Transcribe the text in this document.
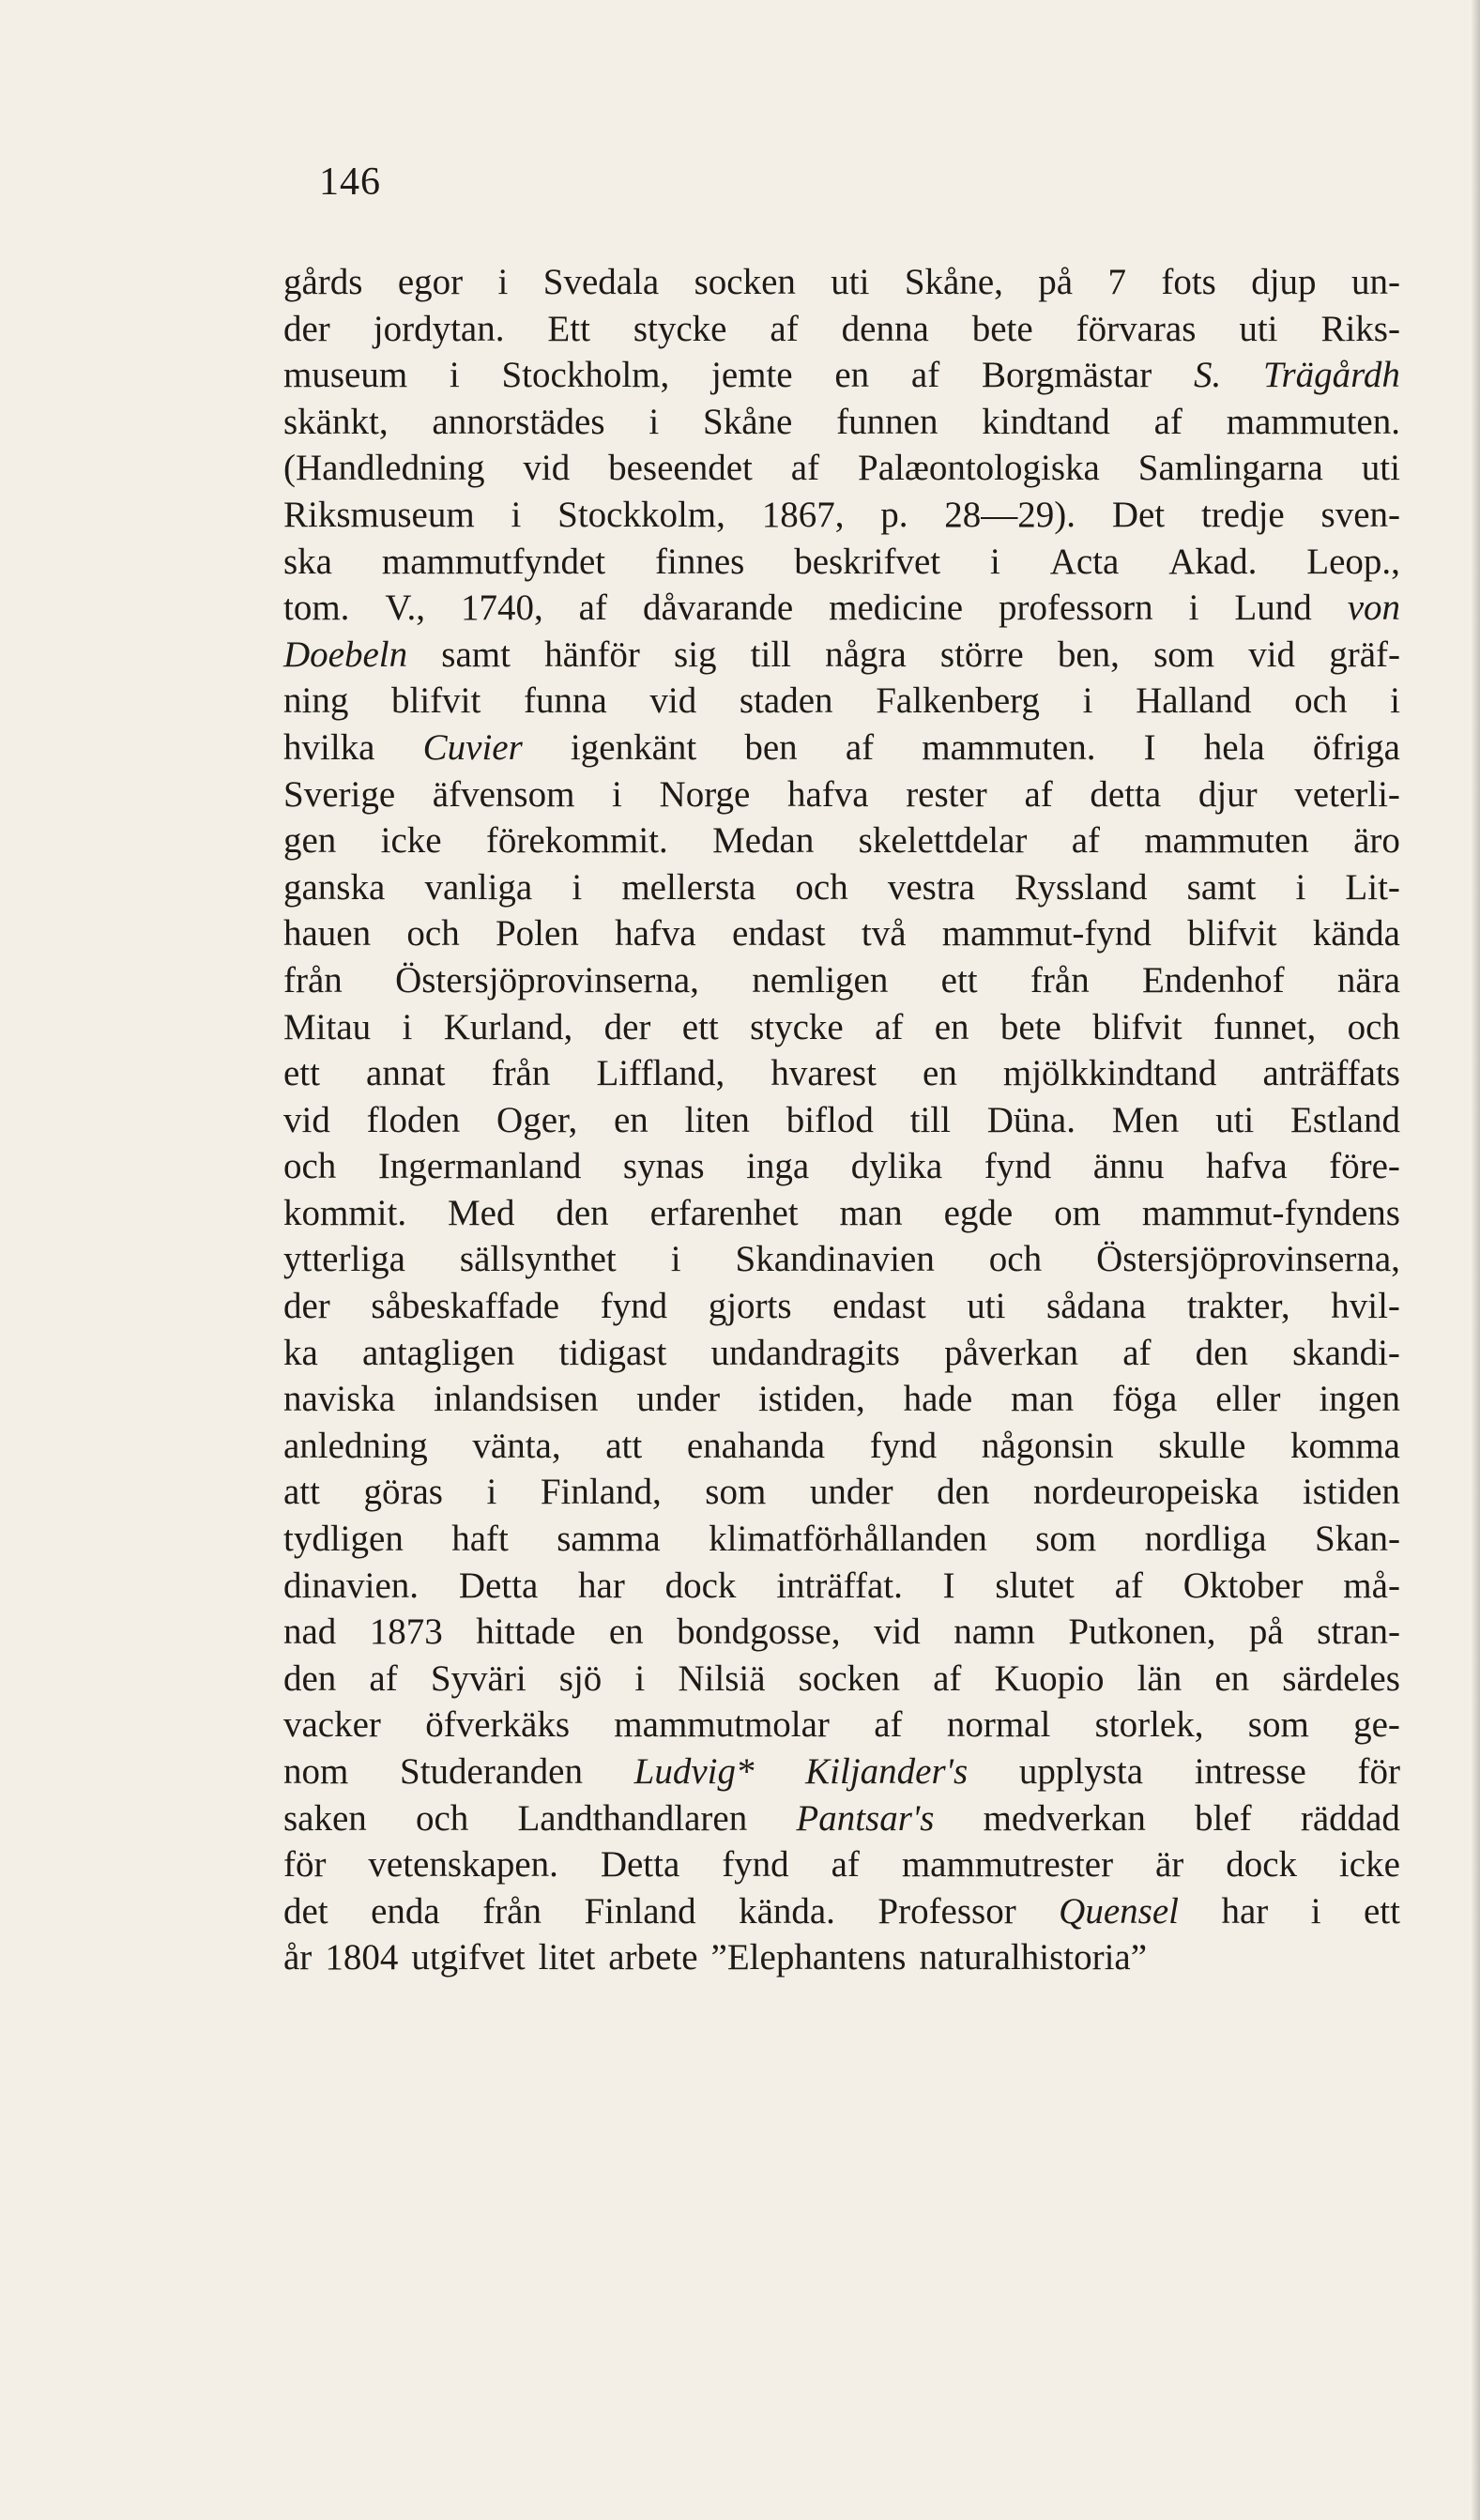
146
gårds egor i Svedala socken uti Skåne, på 7 fots djup un-
der jordytan. Ett stycke af denna bete förvaras uti Riks-
museum i Stockholm, jemte en af Borgmästar S. Trägårdh
skänkt, annorstädes i Skåne funnen kindtand af mammuten.
(Handledning vid beseendet af Palæontologiska Samlingarna uti
Riksmuseum i Stockkolm, 1867, p. 28—29). Det tredje sven-
ska mammutfyndet finnes beskrifvet i Acta Akad. Leop.,
tom. V., 1740, af dåvarande medicine professorn i Lund von
Doebeln samt hänför sig till några större ben, som vid gräf-
ning blifvit funna vid staden Falkenberg i Halland och i
hvilka Cuvier igenkänt ben af mammuten. I hela öfriga
Sverige äfvensom i Norge hafva rester af detta djur veterli-
gen icke förekommit. Medan skelettdelar af mammuten äro
ganska vanliga i mellersta och vestra Ryssland samt i Lit-
hauen och Polen hafva endast två mammut-fynd blifvit kända
från Östersjöprovinserna, nemligen ett från Endenhof nära
Mitau i Kurland, der ett stycke af en bete blifvit funnet, och
ett annat från Liffland, hvarest en mjölkkindtand anträffats
vid floden Oger, en liten biflod till Düna. Men uti Estland
och Ingermanland synas inga dylika fynd ännu hafva före-
kommit. Med den erfarenhet man egde om mammut-fyndens
ytterliga sällsynthet i Skandinavien och Östersjöprovinserna,
der såbeskaffade fynd gjorts endast uti sådana trakter, hvil-
ka antagligen tidigast undandragits påverkan af den skandi-
naviska inlandsisen under istiden, hade man föga eller ingen
anledning vänta, att enahanda fynd någonsin skulle komma
att göras i Finland, som under den nordeuropeiska istiden
tydligen haft samma klimatförhållanden som nordliga Skan-
dinavien. Detta har dock inträffat. I slutet af Oktober må-
nad 1873 hittade en bondgosse, vid namn Putkonen, på stran-
den af Syväri sjö i Nilsiä socken af Kuopio län en särdeles
vacker öfverkäks mammutmolar af normal storlek, som ge-
nom Studeranden Ludvig* Kiljander's upplysta intresse för
saken och Landthandlaren Pantsar's medverkan blef räddad
för vetenskapen. Detta fynd af mammutrester är dock icke
det enda från Finland kända. Professor Quensel har i ett
år 1804 utgifvet litet arbete ”Elephantens naturalhistoria”
